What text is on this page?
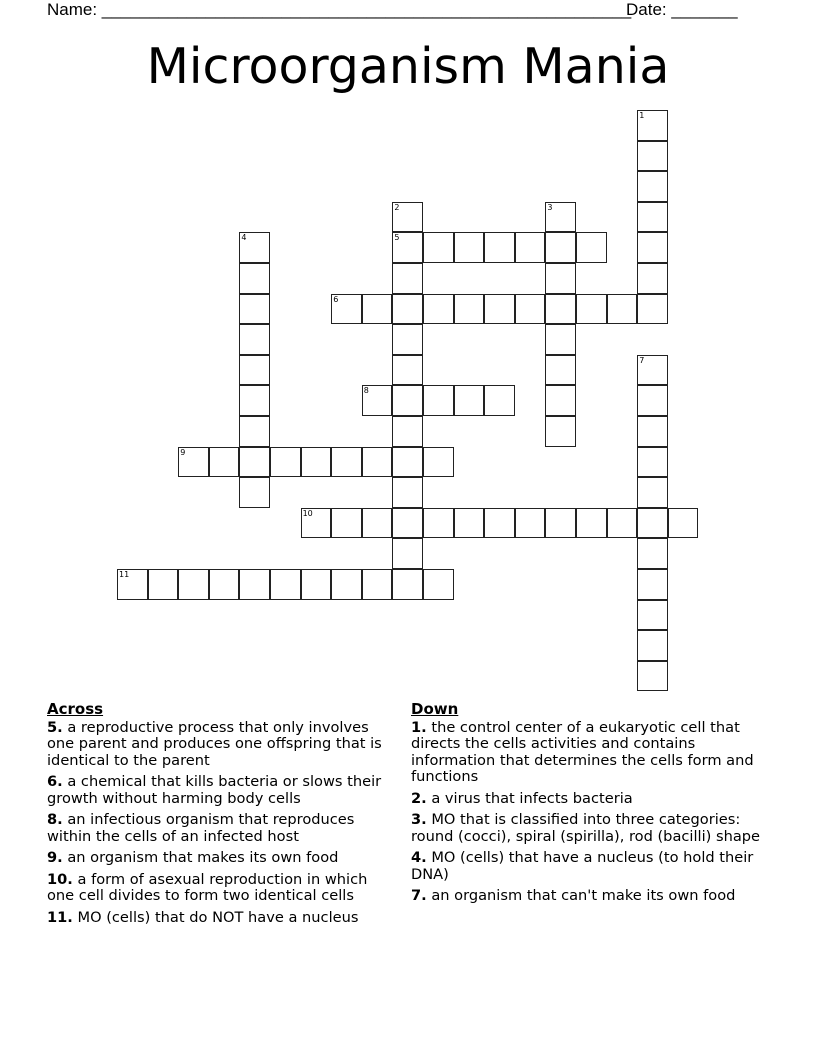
Name: ________________________________________________________
Date: _______
Microorganism Mania
1
2
5
3
4
6
7
8
9
10
11
Across
5. a reproductive process that only involves one parent and produces one offspring that is identical to the parent
6. a chemical that kills bacteria or slows their growth without harming body cells
8. an infectious organism that reproduces within the cells of an infected host
9. an organism that makes its own food
10. a form of asexual reproduction in which one cell divides to form two identical cells
11. MO (cells) that do NOT have a nucleus
Down
1. the control center of a eukaryotic cell that directs the cells activities and contains information that determines the cells form and functions
2. a virus that infects bacteria
3. MO that is classified into three categories: round (cocci), spiral (spirilla), rod (bacilli) shape
4. MO (cells) that have a nucleus (to hold their DNA)
7. an organism that can't make its own food
